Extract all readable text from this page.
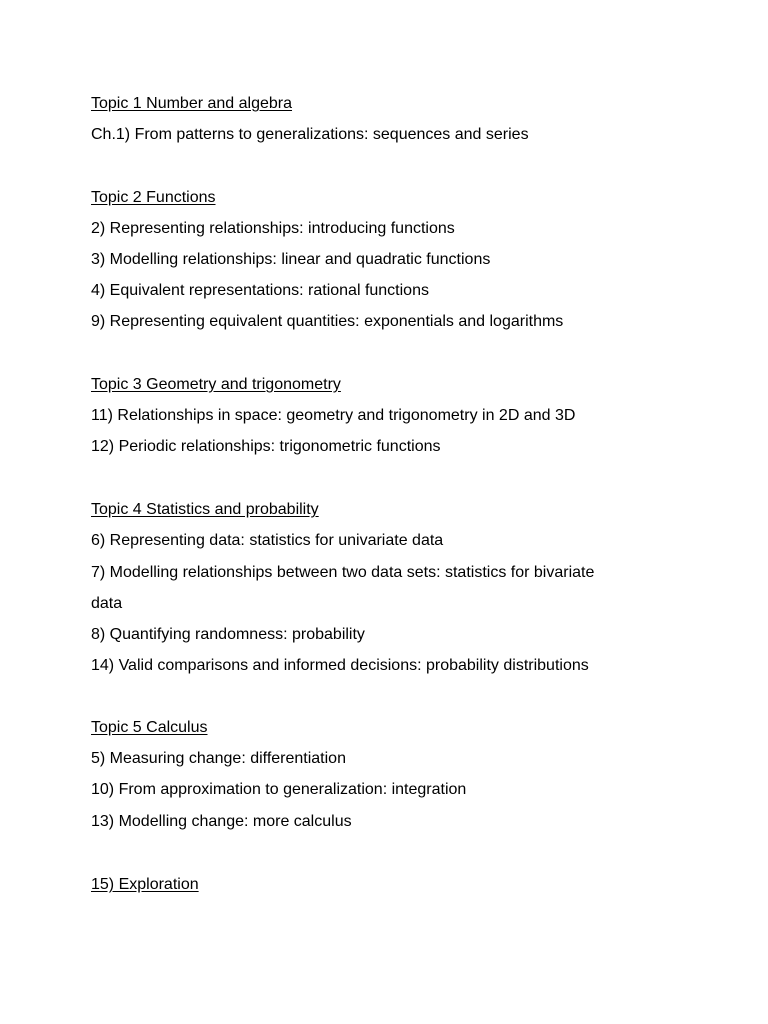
Topic 1 Number and algebra
Ch.1) From patterns to generalizations: sequences and series
Topic 2 Functions
2) Representing relationships: introducing functions
3) Modelling relationships: linear and quadratic functions
4) Equivalent representations: rational functions
9) Representing equivalent quantities: exponentials and logarithms
Topic 3 Geometry and trigonometry
11) Relationships in space: geometry and trigonometry in 2D and 3D
12) Periodic relationships: trigonometric functions
Topic 4 Statistics and probability
6) Representing data: statistics for univariate data
7) Modelling relationships between two data sets: statistics for bivariate
data
8) Quantifying randomness: probability
14) Valid comparisons and informed decisions: probability distributions
Topic 5 Calculus
5) Measuring change: differentiation
10) From approximation to generalization: integration
13) Modelling change: more calculus
15) Exploration
